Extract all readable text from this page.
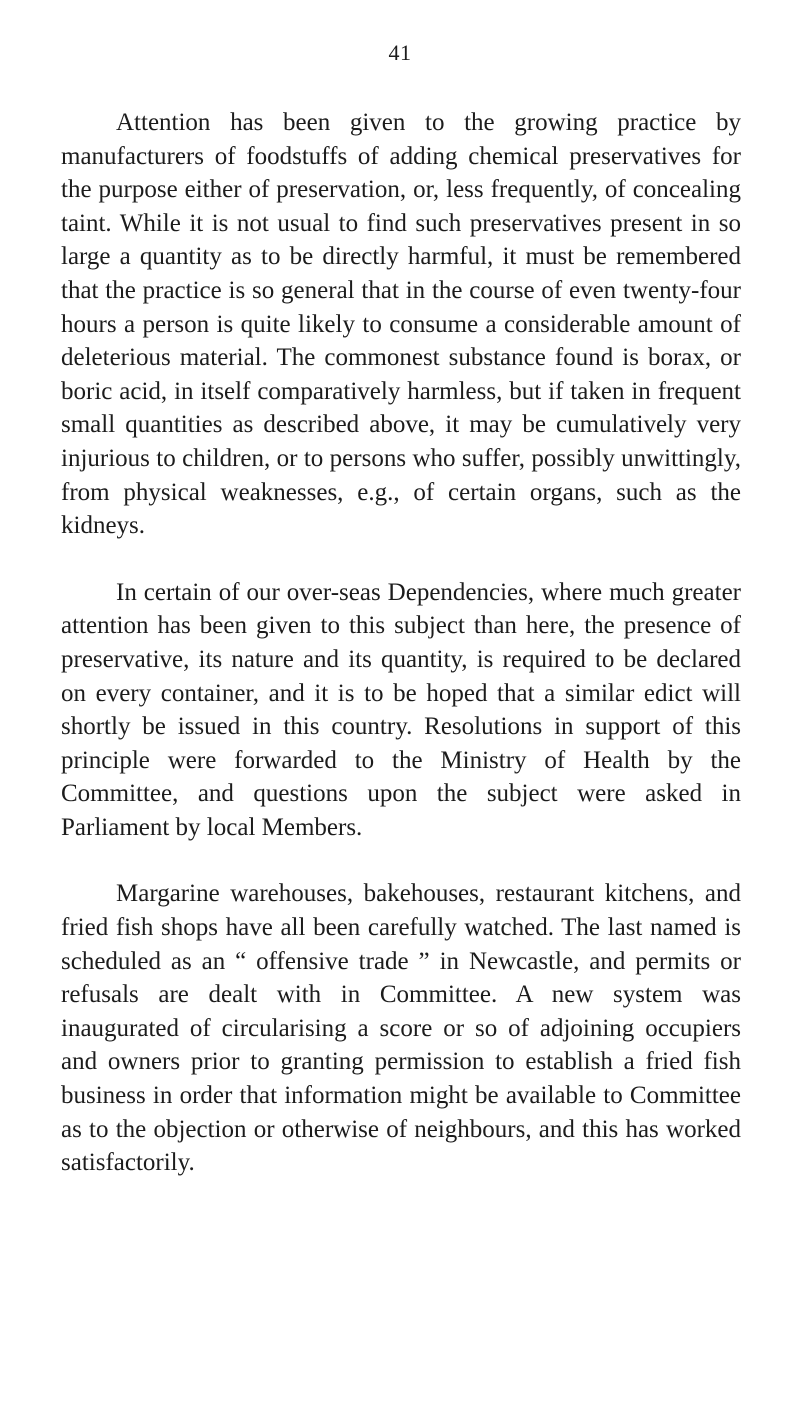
41

Attention has been given to the growing practice by manufacturers of foodstuffs of adding chemical preservatives for the purpose either of preservation, or, less frequently, of concealing taint. While it is not usual to find such preservatives present in so large a quantity as to be directly harmful, it must be remembered that the practice is so general that in the course of even twenty-four hours a person is quite likely to consume a considerable amount of deleterious material. The commonest substance found is borax, or boric acid, in itself comparatively harmless, but if taken in frequent small quantities as described above, it may be cumulatively very injurious to children, or to persons who suffer, possibly unwittingly, from physical weaknesses, e.g., of certain organs, such as the kidneys.

In certain of our over-seas Dependencies, where much greater attention has been given to this subject than here, the presence of preservative, its nature and its quantity, is required to be declared on every container, and it is to be hoped that a similar edict will shortly be issued in this country. Resolutions in support of this principle were forwarded to the Ministry of Health by the Committee, and questions upon the subject were asked in Parliament by local Members.

Margarine warehouses, bakehouses, restaurant kitchens, and fried fish shops have all been carefully watched. The last named is scheduled as an “ offensive trade ” in Newcastle, and permits or refusals are dealt with in Committee. A new system was inaugurated of circularising a score or so of adjoining occupiers and owners prior to granting permission to establish a fried fish business in order that information might be available to Committee as to the objection or otherwise of neighbours, and this has worked satisfactorily.
